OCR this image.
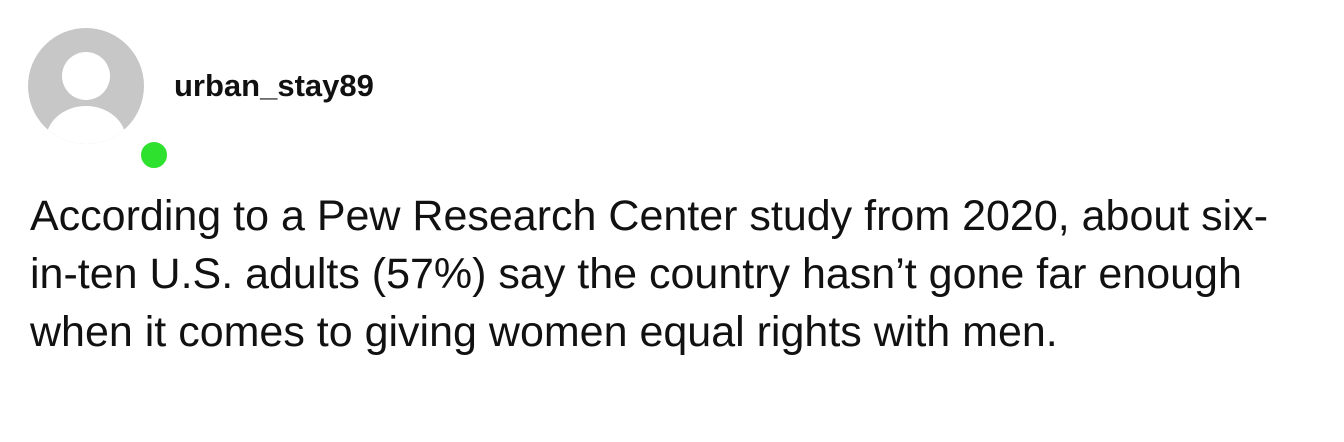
urban_stay89

According to a Pew Research Center study from 2020, about six-in-ten U.S. adults (57%) say the country hasn’t gone far enough when it comes to giving women equal rights with men.
